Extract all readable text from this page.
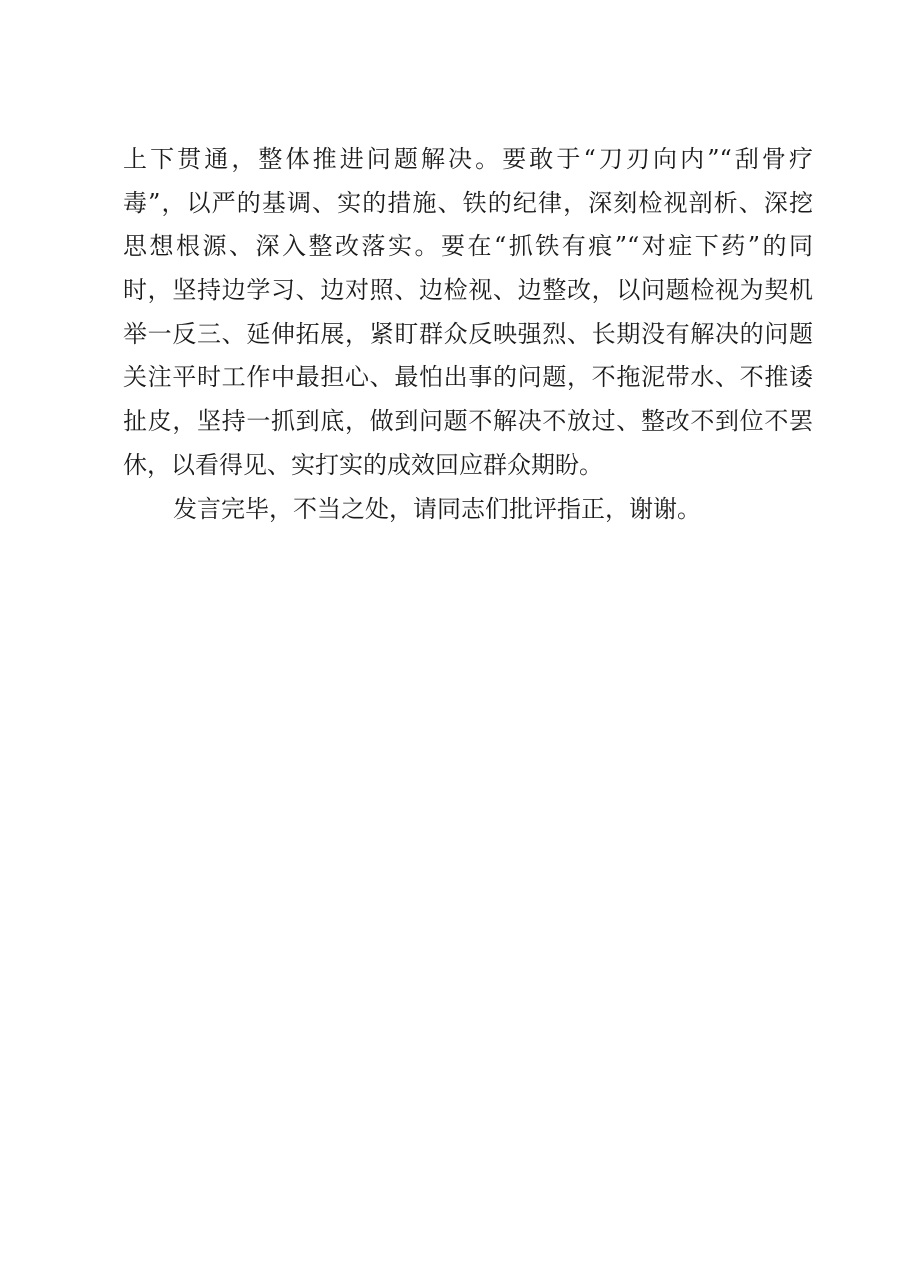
上下贯通，整体推进问题解决。要敢于“刀刃向内”“刮骨疗
毒”，以严的基调、实的措施、铁的纪律，深刻检视剖析、深挖
思想根源、深入整改落实。要在“抓铁有痕”“对症下药”的同
时，坚持边学习、边对照、边检视、边整改，以问题检视为契机
举一反三、延伸拓展，紧盯群众反映强烈、长期没有解决的问题
关注平时工作中最担心、最怕出事的问题，不拖泥带水、不推诿
扯皮，坚持一抓到底，做到问题不解决不放过、整改不到位不罢
休，以看得见、实打实的成效回应群众期盼。
发言完毕，不当之处，请同志们批评指正，谢谢。
